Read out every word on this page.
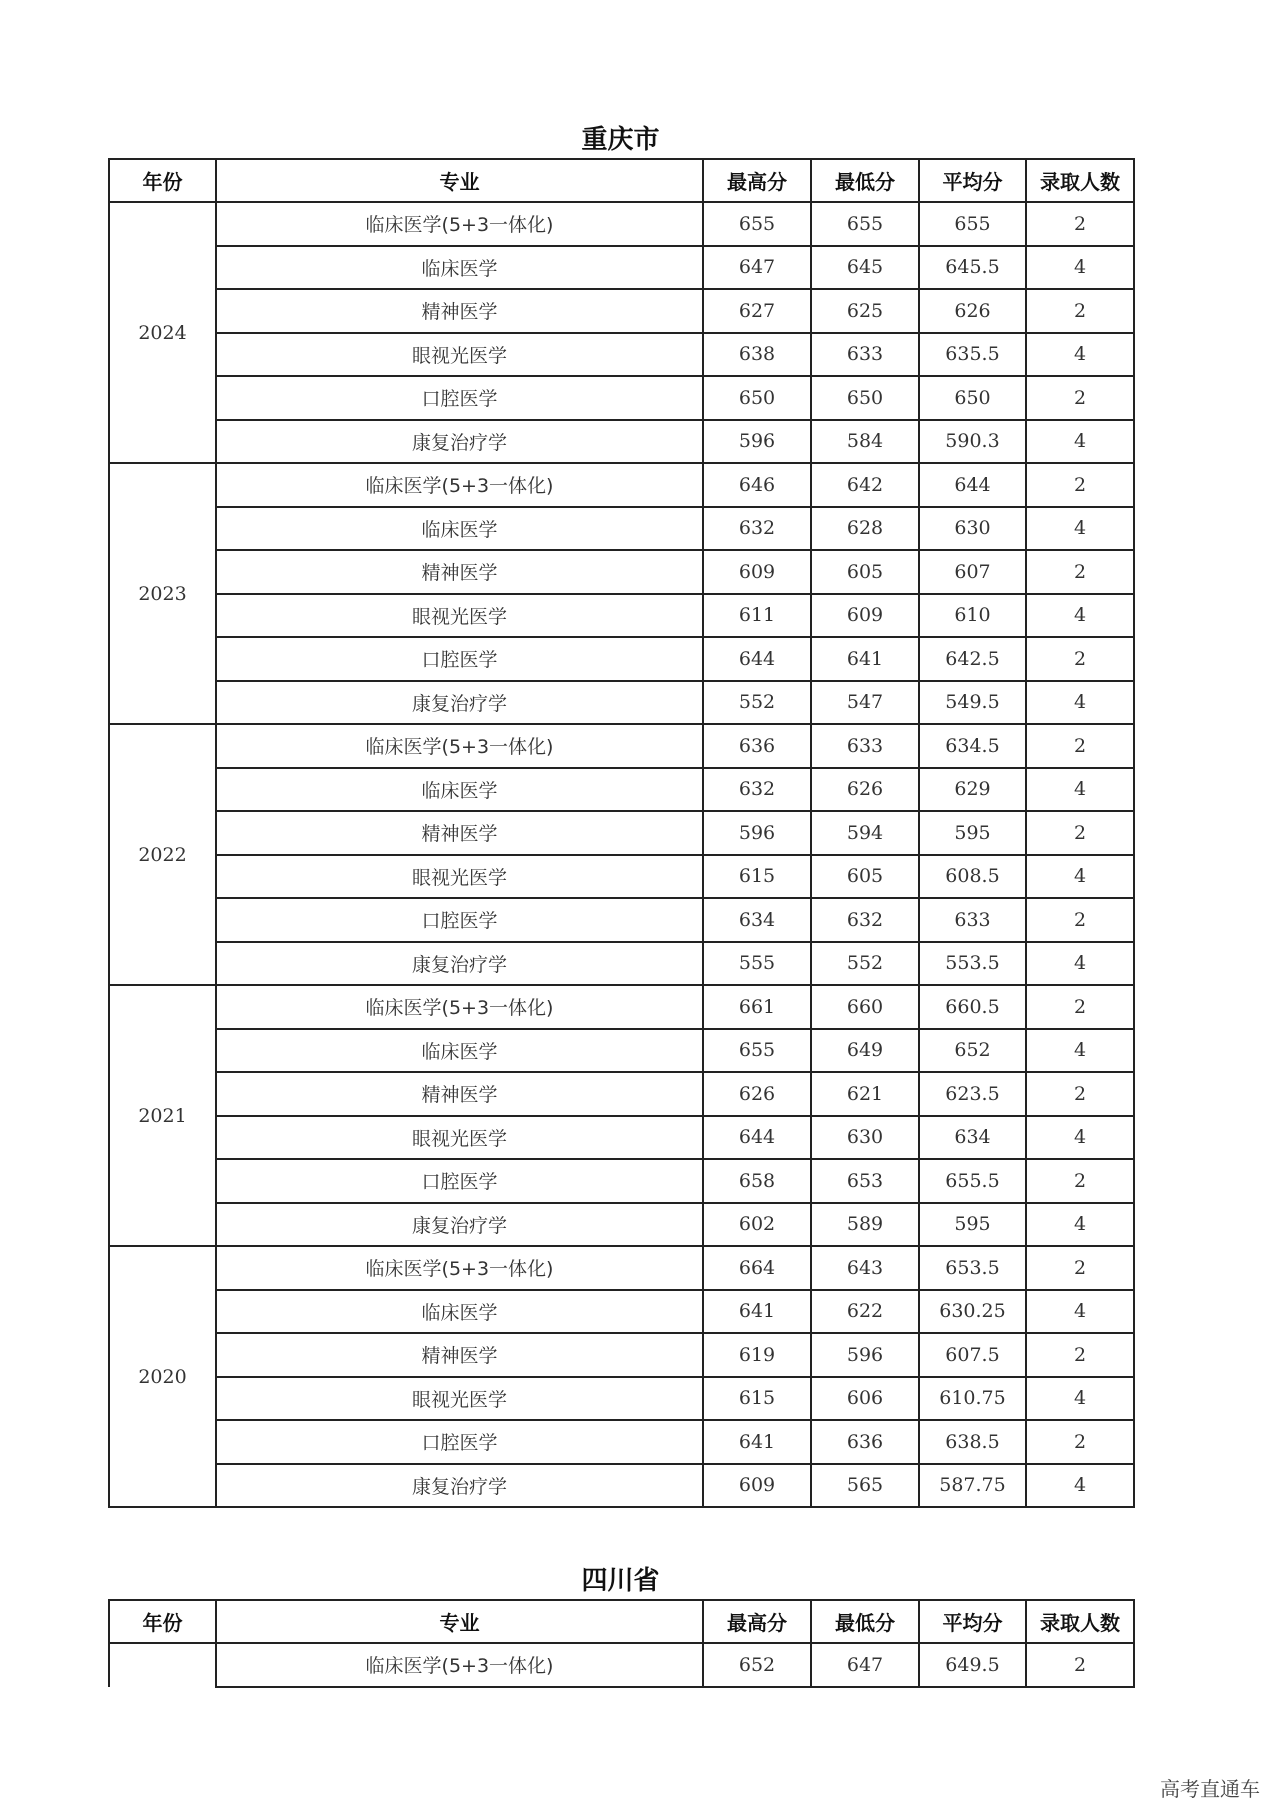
重庆市
年份	专业	最高分	最低分	平均分	录取人数
2024	临床医学(5+3一体化)	655	655	655	2
	临床医学	647	645	645.5	4
	精神医学	627	625	626	2
	眼视光医学	638	633	635.5	4
	口腔医学	650	650	650	2
	康复治疗学	596	584	590.3	4
2023	临床医学(5+3一体化)	646	642	644	2
	临床医学	632	628	630	4
	精神医学	609	605	607	2
	眼视光医学	611	609	610	4
	口腔医学	644	641	642.5	2
	康复治疗学	552	547	549.5	4
2022	临床医学(5+3一体化)	636	633	634.5	2
	临床医学	632	626	629	4
	精神医学	596	594	595	2
	眼视光医学	615	605	608.5	4
	口腔医学	634	632	633	2
	康复治疗学	555	552	553.5	4
2021	临床医学(5+3一体化)	661	660	660.5	2
	临床医学	655	649	652	4
	精神医学	626	621	623.5	2
	眼视光医学	644	630	634	4
	口腔医学	658	653	655.5	2
	康复治疗学	602	589	595	4
2020	临床医学(5+3一体化)	664	643	653.5	2
	临床医学	641	622	630.25	4
	精神医学	619	596	607.5	2
	眼视光医学	615	606	610.75	4
	口腔医学	641	636	638.5	2
	康复治疗学	609	565	587.75	4
四川省
年份	专业	最高分	最低分	平均分	录取人数
	临床医学(5+3一体化)	652	647	649.5	2
高考直通车
